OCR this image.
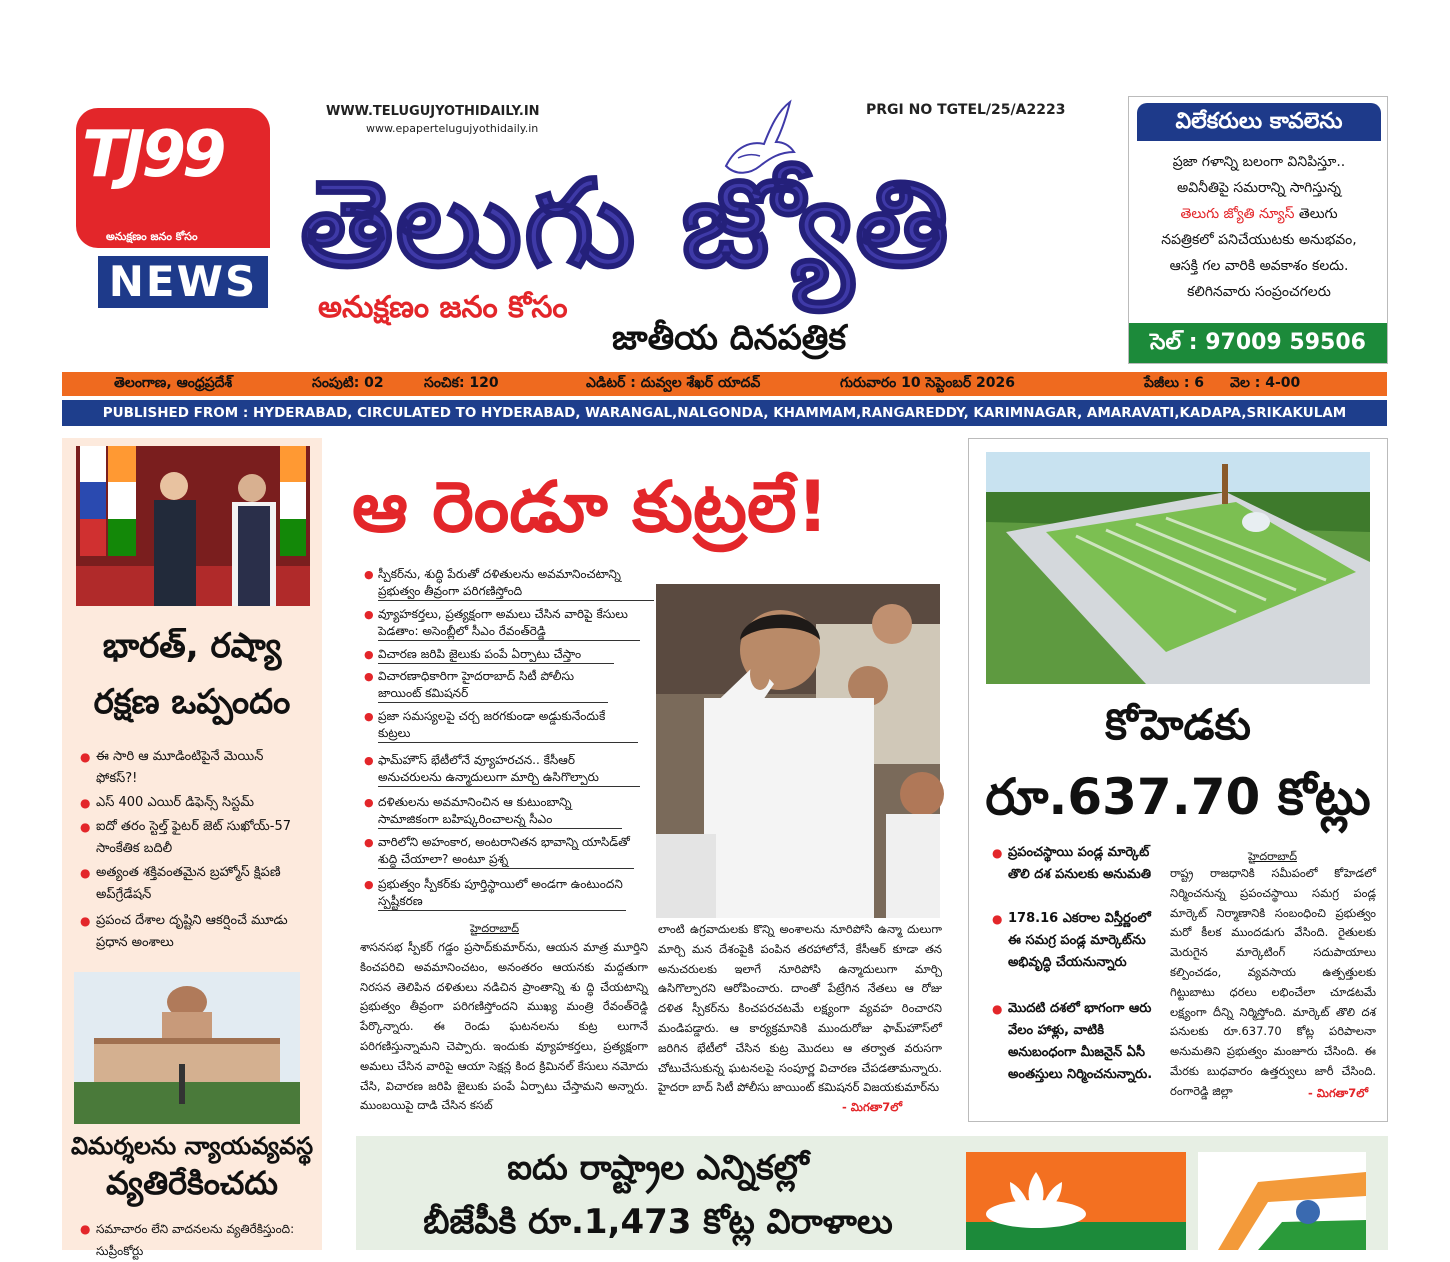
TJ99
అనుక్షణం జనం కోసం
NEWS
WWW.TELUGUJYOTHIDAILY.IN
www.epapertelugujyothidaily.in
PRGI NO TGTEL/25/A2223
తెలుగు జ్యోతి
అనుక్షణం జనం కోసం
జాతీయ దినపత్రిక
విలేకరులు కావలెను
ప్రజా గళాన్ని బలంగా వినిపిస్తూ..
అవినీతిపై సమరాన్ని సాగిస్తున్న
తెలుగు జ్యోతి న్యూస్ తెలుగు
నపత్రికలో పనిచేయుటకు అనుభవం,
ఆసక్తి గల వారికి అవకాశం కలదు.
కలిగినవారు సంప్రంచగలరు
సెల్ : 97009 59506
తెలంగాణ, ఆంధ్రప్రదేశ్	సంపుటి: 02	సంచిక: 120	ఎడిటర్ : దువ్వల శేఖర్ యాదవ్	గురువారం 10 సెప్టెంబర్ 2026	పేజీలు : 6 వెల : 4-00
PUBLISHED FROM : HYDERABAD, CIRCULATED TO HYDERABAD, WARANGAL,NALGONDA, KHAMMAM,RANGAREDDY, KARIMNAGAR, AMARAVATI,KADAPA,SRIKAKULAM
భారత్, రష్యా
రక్షణ ఒప్పందం
● ఈ సారి ఆ మూడింటిపైనే మెయిన్ ఫోకస్?!
● ఎస్ 400 ఎయిర్ డిఫెన్స్ సిస్టమ్
● ఐదో తరం స్టెల్త్ ఫైటర్ జెట్ సుఖోయ్-57 సాంకేతిక బదిలీ
● అత్యంత శక్తివంతమైన బ్రహ్మోస్ క్షిపణి అప్‌గ్రేడేషన్
● ప్రపంచ దేశాల దృష్టిని ఆకర్షించే మూడు ప్రధాన అంశాలు
విమర్శలను న్యాయవ్యవస్థ
వ్యతిరేకించదు
● సమాచారం లేని వాదనలను వ్యతిరేకిస్తుంది: సుప్రీంకోర్టు
ఆ రెండూ కుట్రలే!
● స్పీకర్‌ను, శుద్ధి పేరుతో దళితులను అవమానించటాన్ని ప్రభుత్వం తీవ్రంగా పరిగణిస్తోంది
● వ్యూహకర్తలు, ప్రత్యక్షంగా అమలు చేసిన వారిపై కేసులు పెడతాం: అసెంబ్లీలో సీఎం రేవంత్‌రెడ్డి
● విచారణ జరిపి జైలుకు పంపే ఏర్పాటు చేస్తాం
● విచారణాధికారిగా హైదరాబాద్ సిటీ పోలీసు జాయింట్ కమిషనర్
● ప్రజా సమస్యలపై చర్చ జరగకుండా అడ్డుకునేందుకే కుట్రలు
● ఫామ్‌హౌస్ భేటీలోనే వ్యూహరచన.. కేసీఆర్ అనుచరులను ఉన్మాదులుగా మార్చి ఉసిగొల్పారు
● దళితులను అవమానించిన ఆ కుటుంబాన్ని సామాజికంగా బహిష్కరించాలన్న సీఎం
● వారిలోని అహంకార, అంటరానితన భావాన్ని యాసిడ్‌తో శుద్ధి చేయాలా? అంటూ ప్రశ్న
● ప్రభుత్వం స్పీకర్‌కు పూర్తిస్థాయిలో అండగా ఉంటుందని స్పష్టీకరణ
హైదరాబాద్
శాసనసభ స్పీకర్ గడ్డం ప్రసాద్‌కుమార్‌ను, ఆయన మాత్ర మూర్తిని కించపరిచి అవమానించటం, అనంతరం ఆయనకు మద్దతుగా నిరసన తెలిపిన దళితులు నడిచిన ప్రాంతాన్ని శు ద్ధి చేయటాన్ని ప్రభుత్వం తీవ్రంగా పరిగణిస్తోందని ముఖ్య మంత్రి రేవంత్‌రెడ్డి పేర్కొన్నారు. ఈ రెండు ఘటనలను కుట్ర లుగానే పరిగణిస్తున్నామని చెప్పారు. ఇందుకు వ్యూహకర్తలు, ప్రత్యక్షంగా అమలు చేసిన వారిపై ఆయా సెక్షన్ల కింద క్రిమినల్ కేసులు నమోదు చేసి, విచారణ జరిపి జైలుకు పంపే ఏర్పాటు చేస్తామని అన్నారు. ముంబయిపై దాడి చేసిన కసబ్
లాంటి ఉగ్రవాదులకు కొన్ని అంశాలను నూరిపోసి ఉన్మా దులుగా మార్చి మన దేశంపైకి పంపిన తరహాలోనే, కేసీఆర్ కూడా తన అనుచరులకు ఇలాగే నూరిపోసి ఉన్మాదులుగా మార్చి ఉసిగొల్పారని ఆరోపించారు. దాంతో పేట్రేగిన నేతలు ఆ రోజు దళిత స్పీకర్‌ను కించపరచటమే లక్ష్యంగా వ్యవహ రించారని మండిపడ్డారు. ఆ కార్యక్రమానికి ముందురోజు ఫామ్‌హౌస్‌లో జరిగిన భేటీలో చేసిన కుట్ర మొదలు ఆ తర్వాత వరుసగా చోటుచేసుకున్న ఘటనలపై సంపూర్ణ విచారణ చేపడతామన్నారు. హైదరా బాద్ సిటీ పోలీసు జాయింట్ కమిషనర్ విజయకుమార్‌ను
- మిగతా7లో
కోహెడకు
రూ.637.70 కోట్లు
● ప్రపంచస్థాయి పండ్ల మార్కెట్ తొలి దశ పనులకు అనుమతి
● 178.16 ఎకరాల విస్తీర్ణంలో ఈ సమగ్ర పండ్ల మార్కెట్‌ను అభివృద్ధి చేయనున్నారు
● మొదటి దశలో భాగంగా ఆరు వేలం హాళ్లు, వాటికి అనుబంధంగా మీజనైన్ ఏసీ అంతస్తులు నిర్మించనున్నారు.
హైదరాబాద్
రాష్ట్ర రాజధానికి సమీపంలో కోహెడలో నిర్మించనున్న ప్రపంచస్థాయి సమగ్ర పండ్ల మార్కెట్ నిర్మాణానికి సంబంధించి ప్రభుత్వం మరో కీలక ముందడుగు వేసింది. రైతులకు మెరుగైన మార్కెటింగ్ సదుపాయాలు కల్పించడం, వ్యవసాయ ఉత్పత్తులకు గిట్టుబాటు ధరలు లభించేలా చూడటమే లక్ష్యంగా దీన్ని నిర్మిస్తోంది. మార్కెట్ తొలి దశ పనులకు రూ.637.70 కోట్ల పరిపాలనా అనుమతిని ప్రభుత్వం మంజూరు చేసింది. ఈ మేరకు బుధవారం ఉత్తర్వులు జారీ చేసింది. రంగారెడ్డి జిల్లా	- మిగతా7లో
ఐదు రాష్ట్రాల ఎన్నికల్లో
బీజేపీకి రూ.1,473 కోట్ల విరాళాలు
